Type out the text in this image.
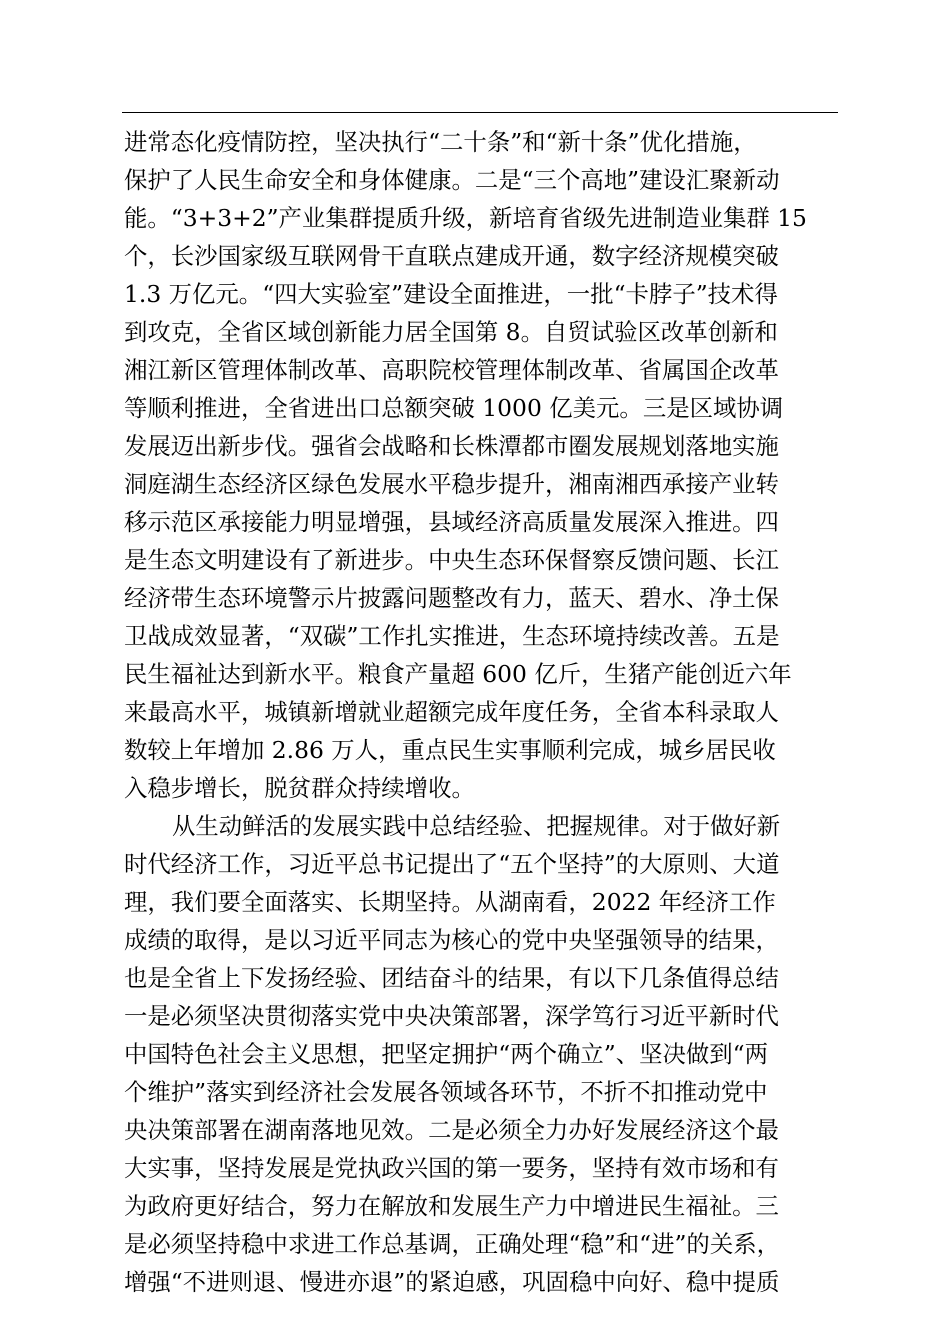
进常态化疫情防控，坚决执行“二十条”和“新十条”优化措施，
保护了人民生命安全和身体健康。二是“三个高地”建设汇聚新动
能。“3+3+2”产业集群提质升级，新培育省级先进制造业集群 15
个，长沙国家级互联网骨干直联点建成开通，数字经济规模突破
1.3 万亿元。“四大实验室”建设全面推进，一批“卡脖子”技术得
到攻克，全省区域创新能力居全国第 8。自贸试验区改革创新和
湘江新区管理体制改革、高职院校管理体制改革、省属国企改革
等顺利推进，全省进出口总额突破 1000 亿美元。三是区域协调
发展迈出新步伐。强省会战略和长株潭都市圈发展规划落地实施
洞庭湖生态经济区绿色发展水平稳步提升，湘南湘西承接产业转
移示范区承接能力明显增强，县域经济高质量发展深入推进。四
是生态文明建设有了新进步。中央生态环保督察反馈问题、长江
经济带生态环境警示片披露问题整改有力，蓝天、碧水、净土保
卫战成效显著，“双碳”工作扎实推进，生态环境持续改善。五是
民生福祉达到新水平。粮食产量超 600 亿斤，生猪产能创近六年
来最高水平，城镇新增就业超额完成年度任务，全省本科录取人
数较上年增加 2.86 万人，重点民生实事顺利完成，城乡居民收
入稳步增长，脱贫群众持续增收。
从生动鲜活的发展实践中总结经验、把握规律。对于做好新
时代经济工作，习近平总书记提出了“五个坚持”的大原则、大道
理，我们要全面落实、长期坚持。从湖南看，2022 年经济工作
成绩的取得，是以习近平同志为核心的党中央坚强领导的结果，
也是全省上下发扬经验、团结奋斗的结果，有以下几条值得总结
一是必须坚决贯彻落实党中央决策部署，深学笃行习近平新时代
中国特色社会主义思想，把坚定拥护“两个确立”、坚决做到“两
个维护”落实到经济社会发展各领域各环节，不折不扣推动党中
央决策部署在湖南落地见效。二是必须全力办好发展经济这个最
大实事，坚持发展是党执政兴国的第一要务，坚持有效市场和有
为政府更好结合，努力在解放和发展生产力中增进民生福祉。三
是必须坚持稳中求进工作总基调，正确处理“稳”和“进”的关系，
增强“不进则退、慢进亦退”的紧迫感，巩固稳中向好、稳中提质
